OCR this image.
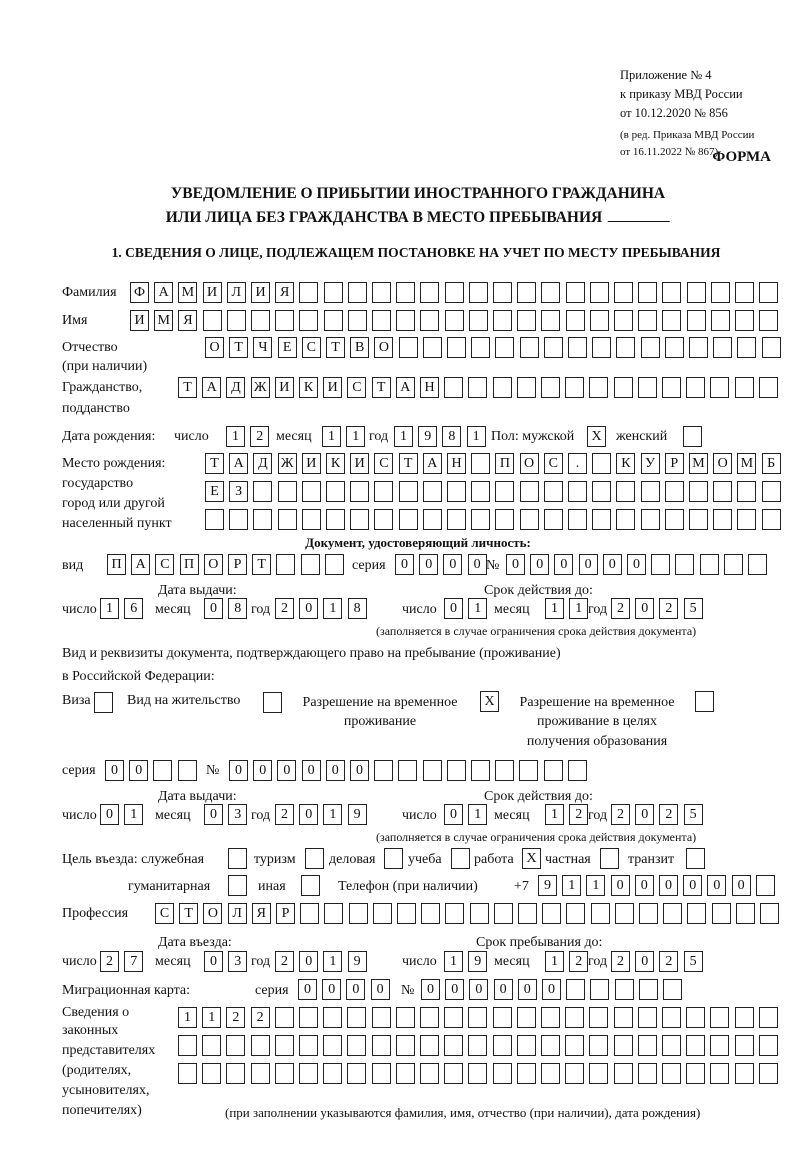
Приложение № 4
к приказу МВД России
от 10.12.2020 № 856
(в ред. Приказа МВД России
от 16.11.2022 № 867)
ФОРМА
УВЕДОМЛЕНИЕ О ПРИБЫТИИ ИНОСТРАННОГО ГРАЖДАНИНА
ИЛИ ЛИЦА БЕЗ ГРАЖДАНСТВА В МЕСТО ПРЕБЫВАНИЯ
1. СВЕДЕНИЯ О ЛИЦЕ, ПОДЛЕЖАЩЕМ ПОСТАНОВКЕ НА УЧЕТ ПО МЕСТУ ПРЕБЫВАНИЯ
Фамилия Ф А М И	Л	И	Я
Имя	И М Я
Отчество
(при наличии)
О	Т	Ч	Е	С	Т	В	О
Гражданство,
подданство
Т	А	Д Ж И	К	И	С	Т	А	Н
Дата рождения: число	1	2 месяц	1	1 год 1	9	8	1 Пол: мужской	X	женский
Место рождения:
государство
город или другой
населенный пункт
Т	А	Д Ж И	К	И	С	Т	А	Н	П	О	С	.	К	У	Р	М О М Б
Е	З
Документ, удостоверяющий личность:
вид	П	А	С	П	О	Р	Т	серия	0	0	0	0 № 0	0	0	0	0	0
Дата выдачи:	Срок действия до:
число 1	6	месяц	0	8 год 2	0	1	8	число 0	1 месяц	1	1 год 2	0	2	5
(заполняется в случае ограничения срока действия документа)
Вид и реквизиты документа, подтверждающего право на пребывание (проживание)
в Российской Федерации:
Виза	Вид на жительство	Разрешение на временное
проживание
X	Разрешение на временное
проживание в целях
получения образования
серия	0	0	№	0	0	0	0	0	0
Дата выдачи:	Срок действия до:
число 0	1	месяц	0	3 год 2	0	1	9	число 0	1 месяц	1	2 год 2	0	2	5
(заполняется в случае ограничения срока действия документа)
Цель въезда: служебная	туризм деловая учеба работа X частная	транзит
гуманитарная	иная	Телефон (при наличии)	+7	9	1	1	0	0	0	0	0	0
Профессия	С	Т	О	Л	Я	Р
Дата въезда:	Срок пребывания до:
число 2	7	месяц	0	3 год 2	0	1	9	число 1	9 месяц	1	2 год 2	0	2	5
Миграционная карта:	серия	0	0	0	0	№ 0	0	0	0	0	0
Сведения о
законных
представителях
(родителях,
усыновителях,
попечителях)
1	1	2	2
(при заполнении указываются фамилия, имя, отчество (при наличии), дата рождения)
